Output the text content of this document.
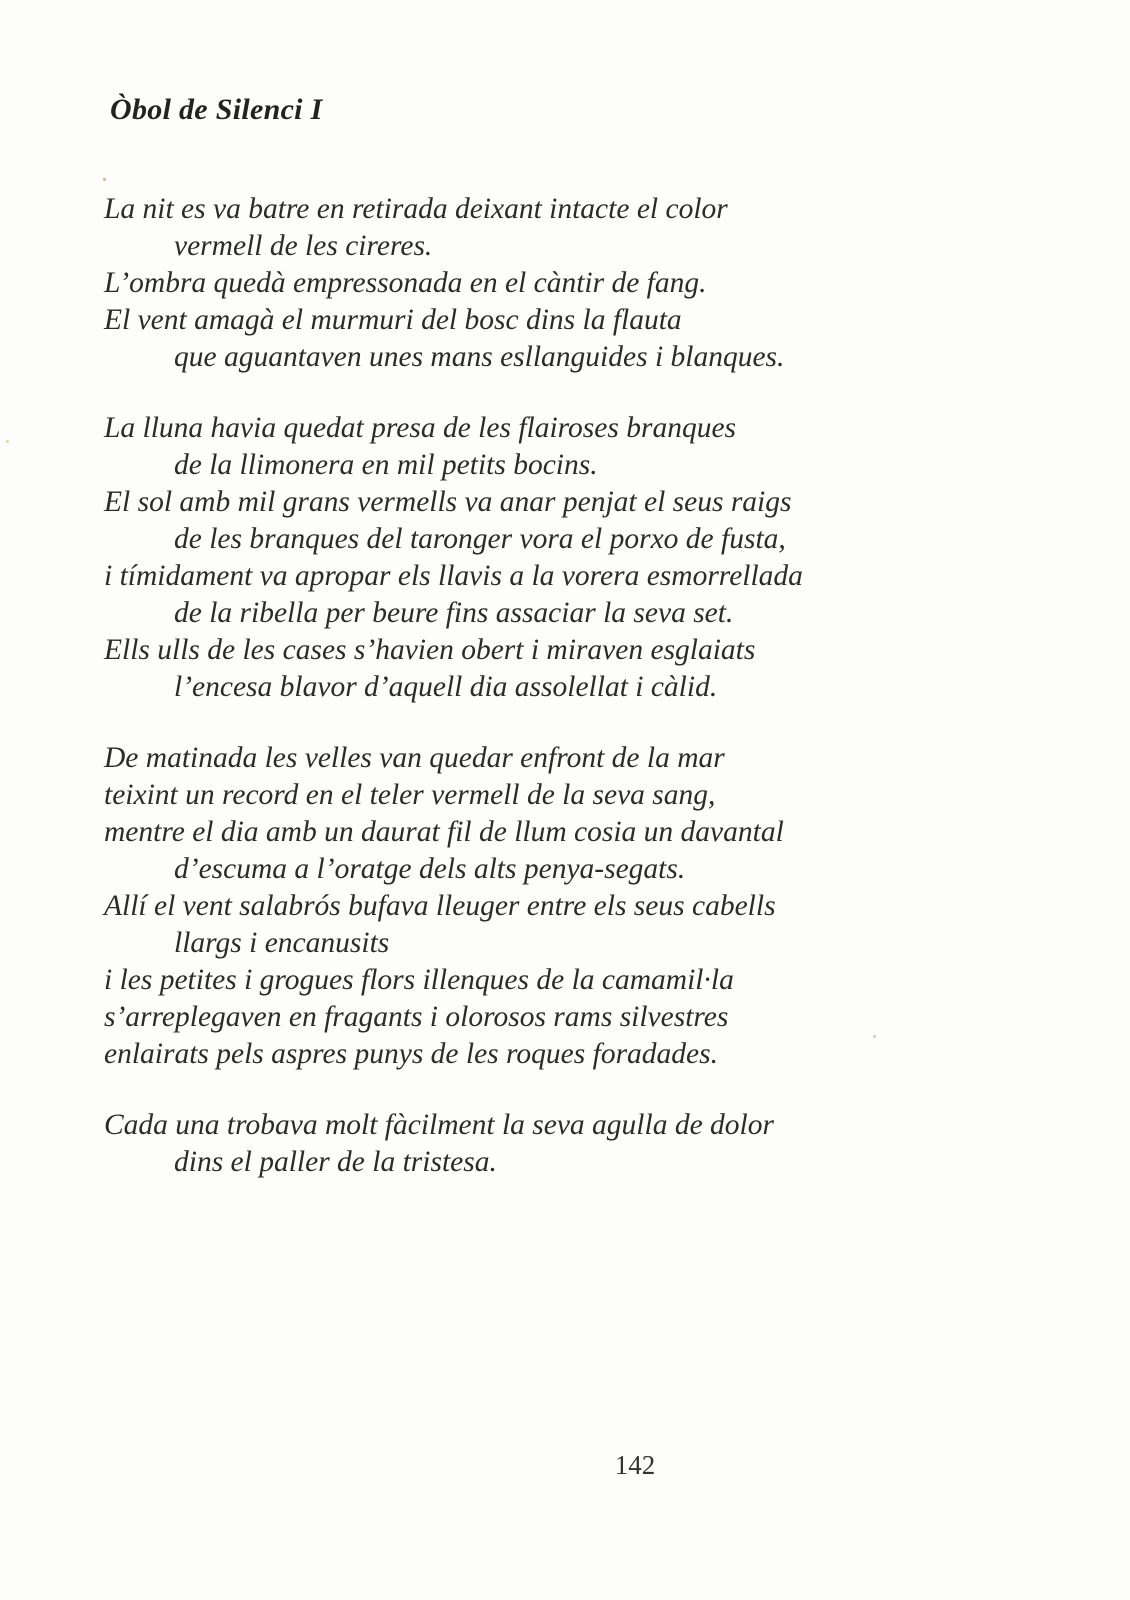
Òbol de Silenci I
La nit es va batre en retirada deixant intacte el color
vermell de les cireres.
L’ombra quedà empressonada en el càntir de fang.
El vent amagà el murmuri del bosc dins la flauta
que aguantaven unes mans esllanguides i blanques.
La lluna havia quedat presa de les flairoses branques
de la llimonera en mil petits bocins.
El sol amb mil grans vermells va anar penjat el seus raigs
de les branques del taronger vora el porxo de fusta,
i tímidament va apropar els llavis a la vorera esmorrellada
de la ribella per beure fins assaciar la seva set.
Ells ulls de les cases s’havien obert i miraven esglaiats
l’encesa blavor d’aquell dia assolellat i càlid.
De matinada les velles van quedar enfront de la mar
teixint un record en el teler vermell de la seva sang,
mentre el dia amb un daurat fil de llum cosia un davantal
d’escuma a l’oratge dels alts penya-segats.
Allí el vent salabrós bufava lleuger entre els seus cabells
llargs i encanusits
i les petites i grogues flors illenques de la camamil·la
s’arreplegaven en fragants i olorosos rams silvestres
enlairats pels aspres punys de les roques foradades.
Cada una trobava molt fàcilment la seva agulla de dolor
dins el paller de la tristesa.
142
